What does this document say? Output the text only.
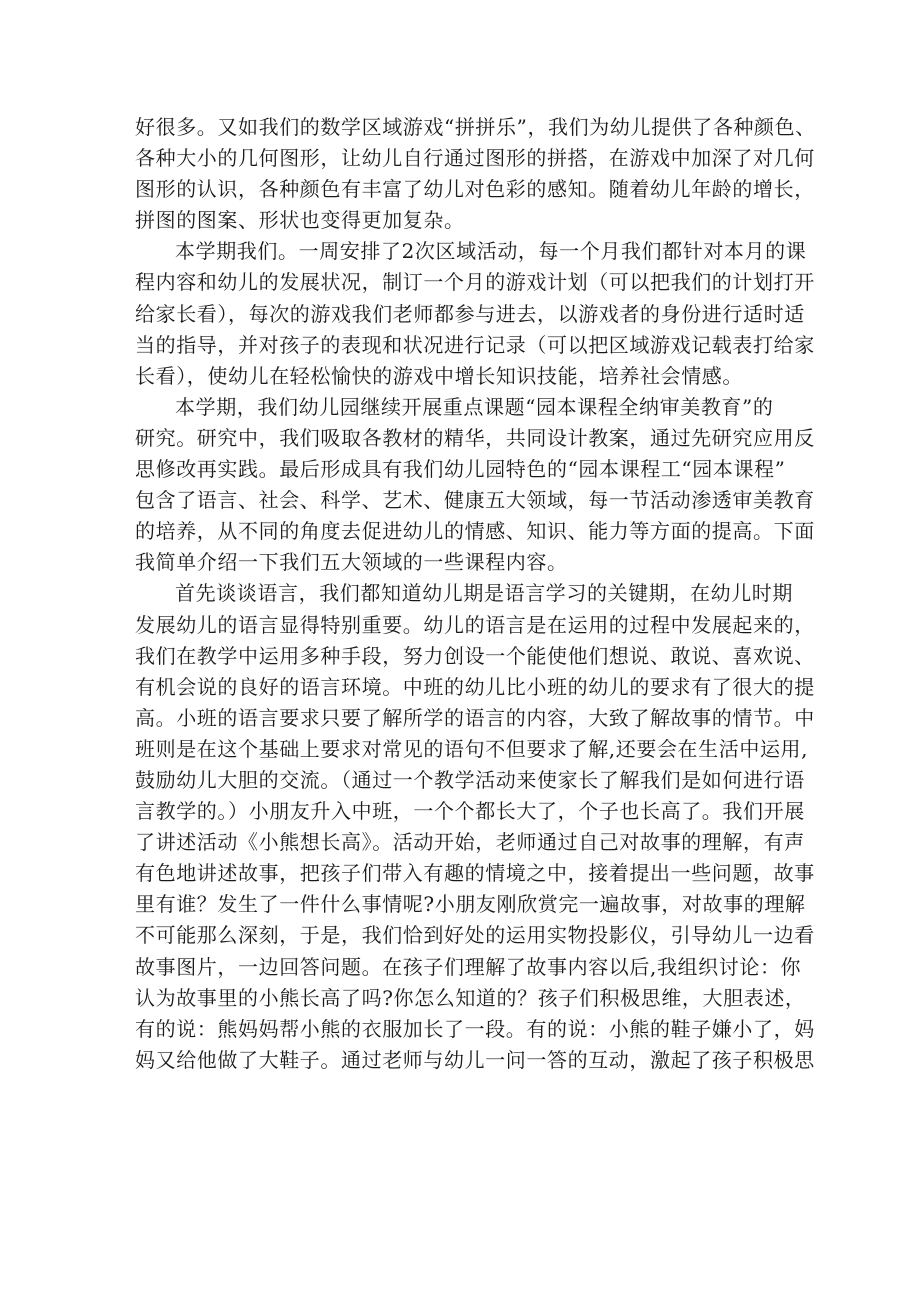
好很多。又如我们的数学区域游戏“拼拼乐”，我们为幼儿提供了各种颜色、
各种大小的几何图形，让幼儿自行通过图形的拼搭，在游戏中加深了对几何
图形的认识，各种颜色有丰富了幼儿对色彩的感知。随着幼儿年龄的增长，
拼图的图案、形状也变得更加复杂。

本学期我们。一周安排了2次区域活动，每一个月我们都针对本月的课
程内容和幼儿的发展状况，制订一个月的游戏计划（可以把我们的计划打开
给家长看），每次的游戏我们老师都参与进去，以游戏者的身份进行适时适
当的指导，并对孩子的表现和状况进行记录（可以把区域游戏记载表打给家
长看），使幼儿在轻松愉快的游戏中增长知识技能，培养社会情感。

本学期，我们幼儿园继续开展重点课题“园本课程全纳审美教育”的
研究。研究中，我们吸取各教材的精华，共同设计教案，通过先研究应用反
思修改再实践。最后形成具有我们幼儿园特色的“园本课程工“园本课程”
包含了语言、社会、科学、艺术、健康五大领域，每一节活动渗透审美教育
的培养，从不同的角度去促进幼儿的情感、知识、能力等方面的提高。下面
我简单介绍一下我们五大领域的一些课程内容。

首先谈谈语言，我们都知道幼儿期是语言学习的关键期，在幼儿时期
发展幼儿的语言显得特别重要。幼儿的语言是在运用的过程中发展起来的，
我们在教学中运用多种手段，努力创设一个能使他们想说、敢说、喜欢说、
有机会说的良好的语言环境。中班的幼儿比小班的幼儿的要求有了很大的提
高。小班的语言要求只要了解所学的语言的内容，大致了解故事的情节。中
班则是在这个基础上要求对常见的语句不但要求了解,还要会在生活中运用,
鼓励幼儿大胆的交流。（通过一个教学活动来使家长了解我们是如何进行语
言教学的。）小朋友升入中班，一个个都长大了，个子也长高了。我们开展
了讲述活动《小熊想长高》。活动开始，老师通过自己对故事的理解，有声
有色地讲述故事，把孩子们带入有趣的情境之中，接着提出一些问题，故事
里有谁？发生了一件什么事情呢?小朋友刚欣赏完一遍故事，对故事的理解
不可能那么深刻，于是，我们恰到好处的运用实物投影仪，引导幼儿一边看
故事图片，一边回答问题。在孩子们理解了故事内容以后,我组织讨论：你
认为故事里的小熊长高了吗?你怎么知道的？孩子们积极思维，大胆表述，
有的说：熊妈妈帮小熊的衣服加长了一段。有的说：小熊的鞋子嫌小了，妈
妈又给他做了大鞋子。通过老师与幼儿一问一答的互动，激起了孩子积极思
